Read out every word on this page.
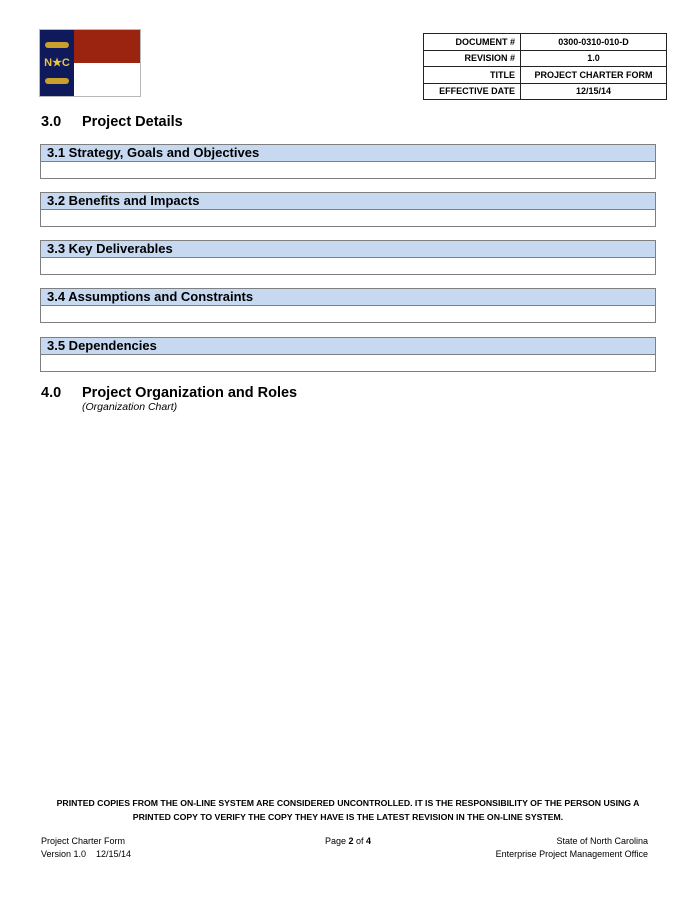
N★C
DOCUMENT #	0300-0310-010-D
REVISION #	1.0
TITLE	PROJECT CHARTER FORM
EFFECTIVE DATE	12/15/14
3.0 Project Details
3.1 Strategy, Goals and Objectives
3.2 Benefits and Impacts
3.3 Key Deliverables
3.4 Assumptions and Constraints
3.5 Dependencies
4.0 Project Organization and Roles
(Organization Chart)
PRINTED COPIES FROM THE ON-LINE SYSTEM ARE CONSIDERED UNCONTROLLED. IT IS THE RESPONSIBILITY OF THE PERSON USING A PRINTED COPY TO VERIFY THE COPY THEY HAVE IS THE LATEST REVISION IN THE ON-LINE SYSTEM.
Project Charter Form
Version 1.0    12/15/14
Page 2 of 4	State of North Carolina
Enterprise Project Management Office
